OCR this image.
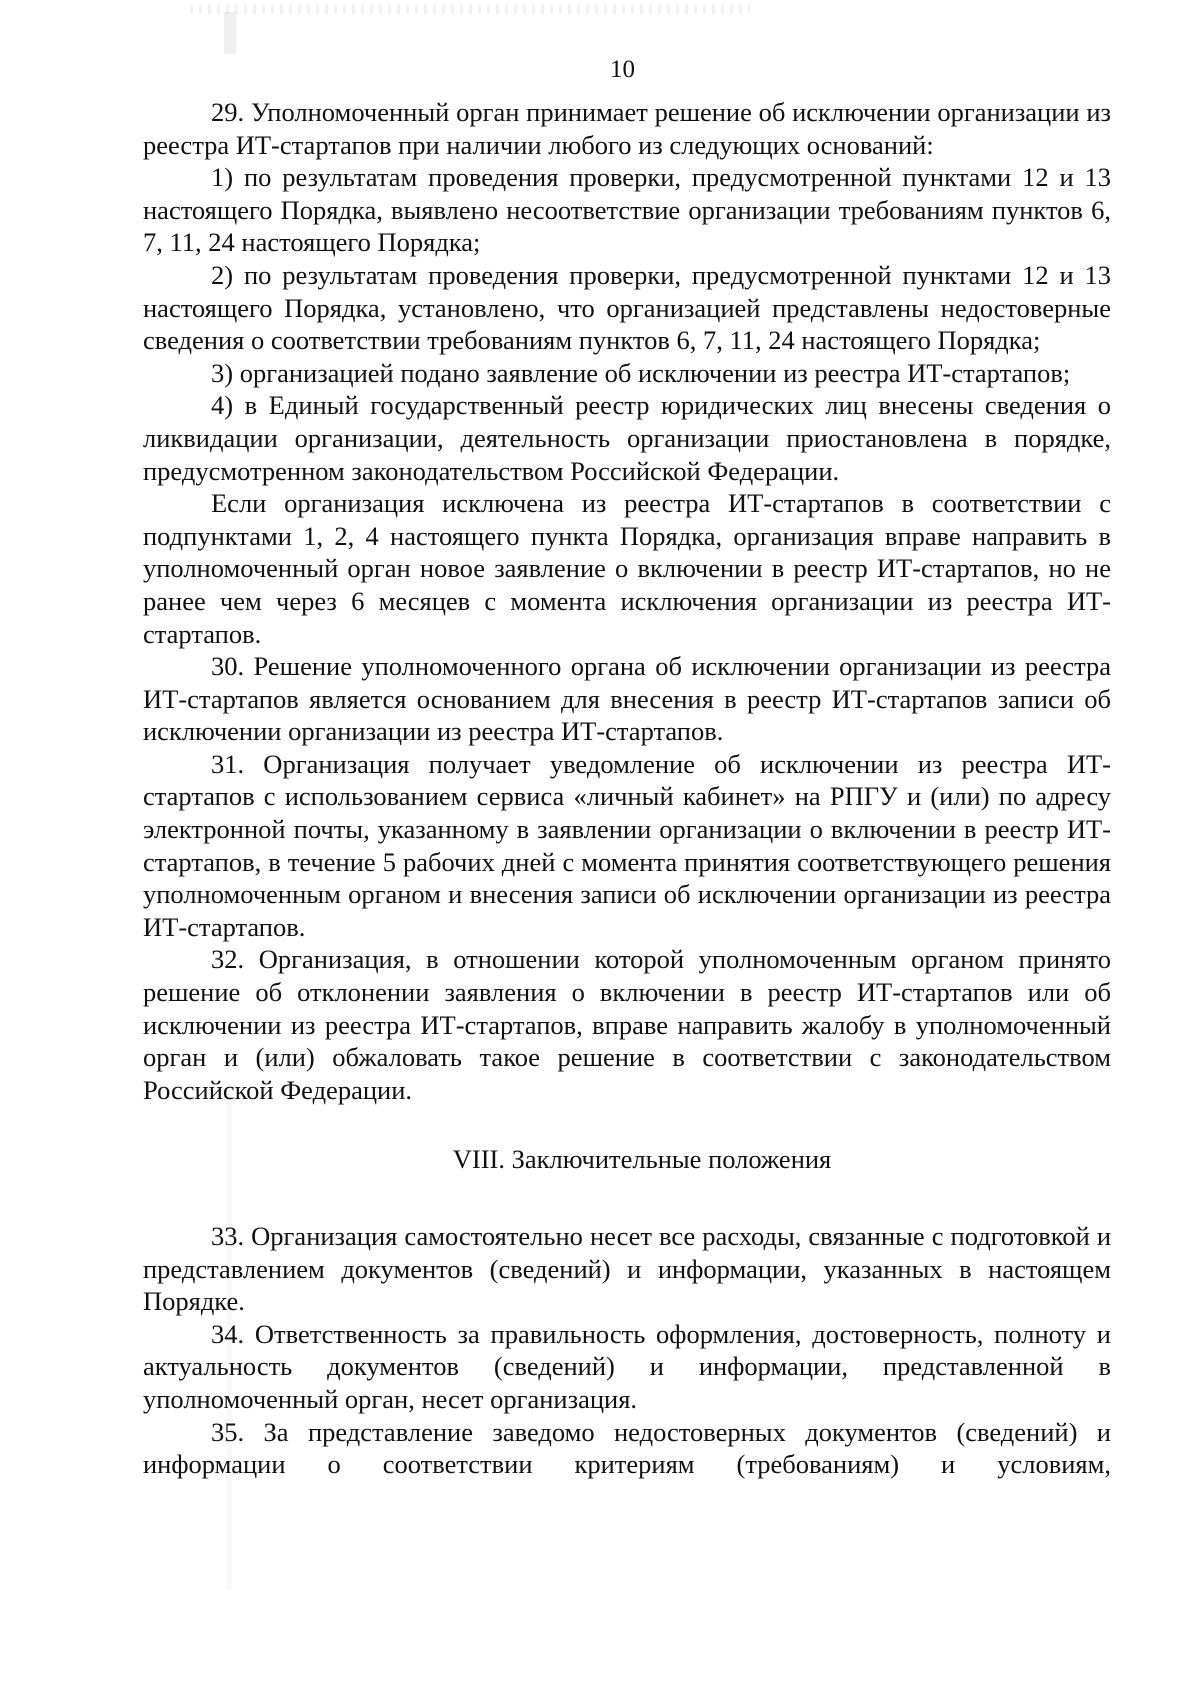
10

29. Уполномоченный орган принимает решение об исключении организации из реестра ИТ-стартапов при наличии любого из следующих оснований:

1) по результатам проведения проверки, предусмотренной пунктами 12 и 13 настоящего Порядка, выявлено несоответствие организации требованиям пунктов 6, 7, 11, 24 настоящего Порядка;

2) по результатам проведения проверки, предусмотренной пунктами 12 и 13 настоящего Порядка, установлено, что организацией представлены недостоверные сведения о соответствии требованиям пунктов 6, 7, 11, 24 настоящего Порядка;

3) организацией подано заявление об исключении из реестра ИТ-стартапов;

4) в Единый государственный реестр юридических лиц внесены сведения о ликвидации организации, деятельность организации приостановлена в порядке, предусмотренном законодательством Российской Федерации.

Если организация исключена из реестра ИТ-стартапов в соответствии с подпунктами 1, 2, 4 настоящего пункта Порядка, организация вправе направить в уполномоченный орган новое заявление о включении в реестр ИТ-стартапов, но не ранее чем через 6 месяцев с момента исключения организации из реестра ИТ-стартапов.

30. Решение уполномоченного органа об исключении организации из реестра ИТ-стартапов является основанием для внесения в реестр ИТ-стартапов записи об исключении организации из реестра ИТ-стартапов.

31. Организация получает уведомление об исключении из реестра ИТ-стартапов с использованием сервиса «личный кабинет» на РПГУ и (или) по адресу электронной почты, указанному в заявлении организации о включении в реестр ИТ-стартапов, в течение 5 рабочих дней с момента принятия соответствующего решения уполномоченным органом и внесения записи об исключении организации из реестра ИТ-стартапов.

32. Организация, в отношении которой уполномоченным органом принято решение об отклонении заявления о включении в реестр ИТ-стартапов или об исключении из реестра ИТ-стартапов, вправе направить жалобу в уполномоченный орган и (или) обжаловать такое решение в соответствии с законодательством Российской Федерации.

VIII. Заключительные положения

33. Организация самостоятельно несет все расходы, связанные с подготовкой и представлением документов (сведений) и информации, указанных в настоящем Порядке.

34. Ответственность за правильность оформления, достоверность, полноту и актуальность документов (сведений) и информации, представленной в уполномоченный орган, несет организация.

35. За представление заведомо недостоверных документов (сведений) и информации о соответствии критериям (требованиям) и условиям,
